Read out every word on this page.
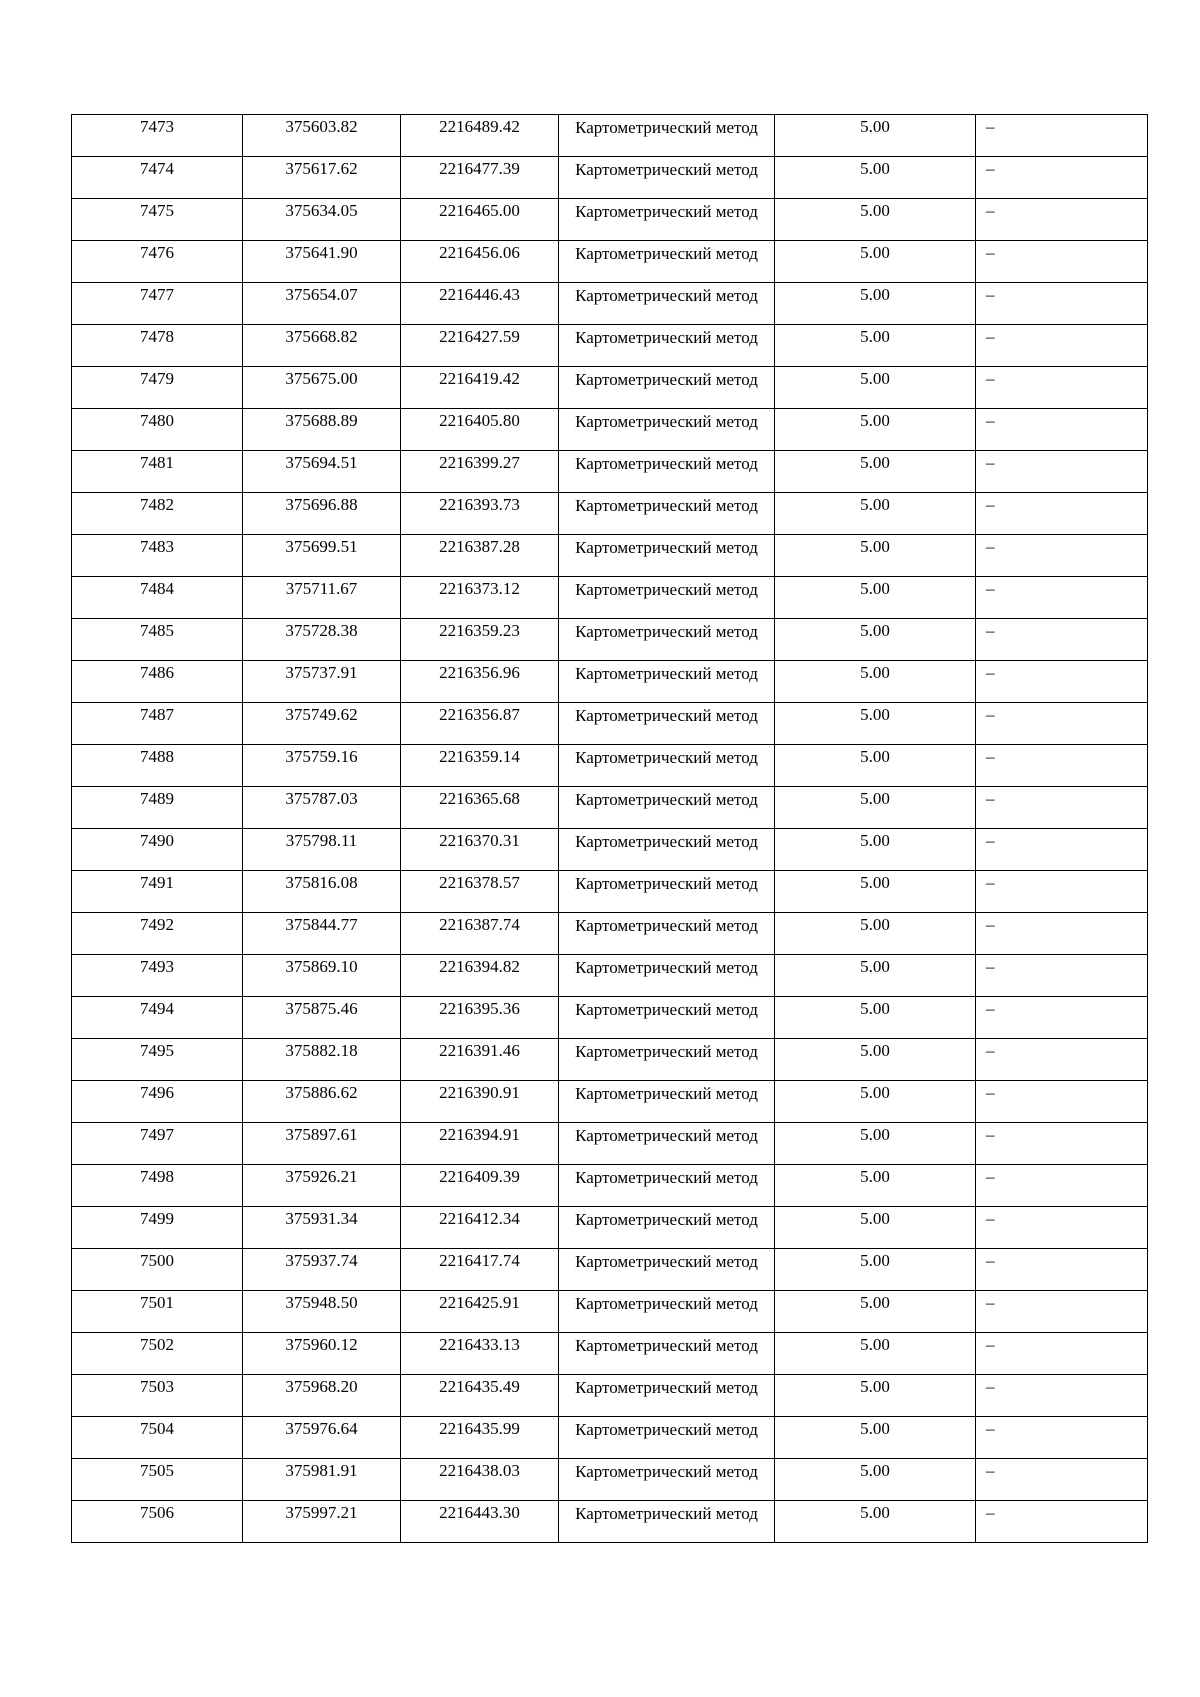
7473	375603.82	2216489.42	Картометрический метод	5.00	–

7474	375617.62	2216477.39	Картометрический метод	5.00	–

7475	375634.05	2216465.00	Картометрический метод	5.00	–

7476	375641.90	2216456.06	Картометрический метод	5.00	–

7477	375654.07	2216446.43	Картометрический метод	5.00	–

7478	375668.82	2216427.59	Картометрический метод	5.00	–

7479	375675.00	2216419.42	Картометрический метод	5.00	–

7480	375688.89	2216405.80	Картометрический метод	5.00	–

7481	375694.51	2216399.27	Картометрический метод	5.00	–

7482	375696.88	2216393.73	Картометрический метод	5.00	–

7483	375699.51	2216387.28	Картометрический метод	5.00	–

7484	375711.67	2216373.12	Картометрический метод	5.00	–

7485	375728.38	2216359.23	Картометрический метод	5.00	–

7486	375737.91	2216356.96	Картометрический метод	5.00	–

7487	375749.62	2216356.87	Картометрический метод	5.00	–

7488	375759.16	2216359.14	Картометрический метод	5.00	–

7489	375787.03	2216365.68	Картометрический метод	5.00	–

7490	375798.11	2216370.31	Картометрический метод	5.00	–

7491	375816.08	2216378.57	Картометрический метод	5.00	–

7492	375844.77	2216387.74	Картометрический метод	5.00	–

7493	375869.10	2216394.82	Картометрический метод	5.00	–

7494	375875.46	2216395.36	Картометрический метод	5.00	–

7495	375882.18	2216391.46	Картометрический метод	5.00	–

7496	375886.62	2216390.91	Картометрический метод	5.00	–

7497	375897.61	2216394.91	Картометрический метод	5.00	–

7498	375926.21	2216409.39	Картометрический метод	5.00	–

7499	375931.34	2216412.34	Картометрический метод	5.00	–

7500	375937.74	2216417.74	Картометрический метод	5.00	–

7501	375948.50	2216425.91	Картометрический метод	5.00	–

7502	375960.12	2216433.13	Картометрический метод	5.00	–

7503	375968.20	2216435.49	Картометрический метод	5.00	–

7504	375976.64	2216435.99	Картометрический метод	5.00	–

7505	375981.91	2216438.03	Картометрический метод	5.00	–

7506	375997.21	2216443.30	Картометрический метод	5.00	–
